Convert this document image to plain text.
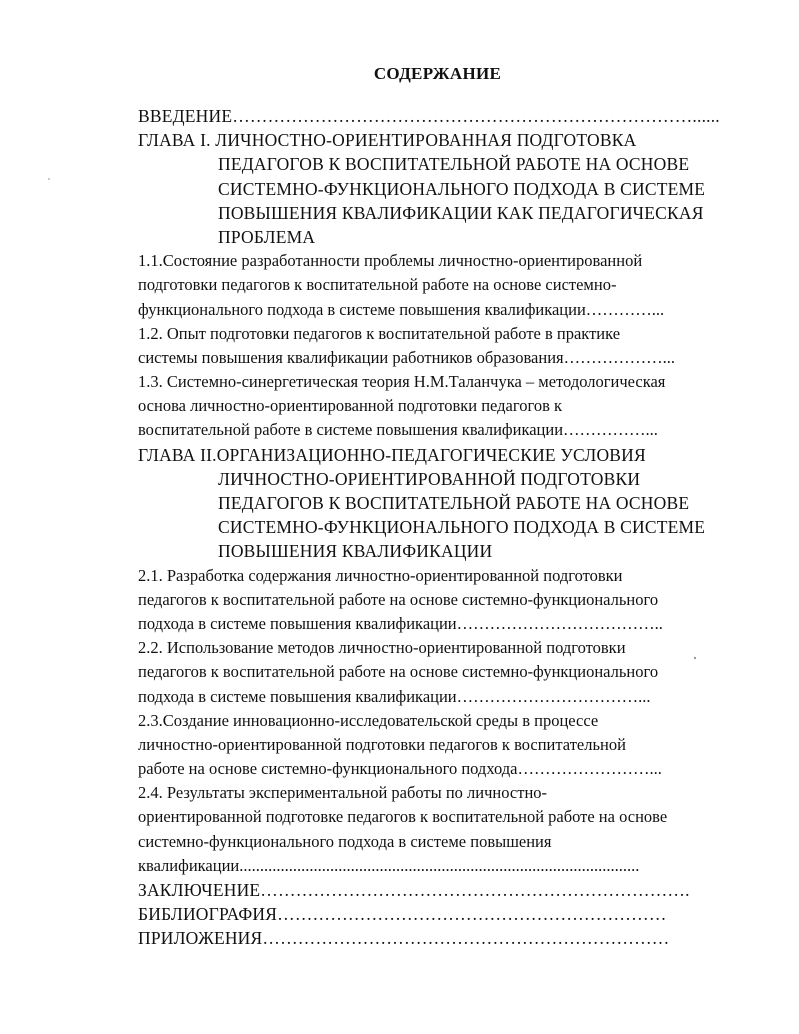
СОДЕРЖАНИЕ
ВВЕДЕНИЕ……………………………………………………………………......
ГЛАВА I. ЛИЧНОСТНО-ОРИЕНТИРОВАННАЯ ПОДГОТОВКА
ПЕДАГОГОВ К ВОСПИТАТЕЛЬНОЙ РАБОТЕ НА ОСНОВЕ
СИСТЕМНО-ФУНКЦИОНАЛЬНОГО ПОДХОДА В СИСТЕМЕ
ПОВЫШЕНИЯ КВАЛИФИКАЦИИ КАК ПЕДАГОГИЧЕСКАЯ
ПРОБЛЕМА
1.1.Состояние разработанности проблемы личностно-ориентированной
подготовки педагогов к воспитательной работе на основе системно-
функционального подхода в системе повышения квалификации…………...
1.2. Опыт подготовки педагогов к воспитательной работе в практике
системы повышения квалификации работников образования………………...
1.3. Системно-синергетическая теория Н.М.Таланчука – методологическая
основа личностно-ориентированной подготовки педагогов к
воспитательной работе в системе повышения квалификации……………...
ГЛАВА II.ОРГАНИЗАЦИОННО-ПЕДАГОГИЧЕСКИЕ УСЛОВИЯ
ЛИЧНОСТНО-ОРИЕНТИРОВАННОЙ ПОДГОТОВКИ
ПЕДАГОГОВ К ВОСПИТАТЕЛЬНОЙ РАБОТЕ НА ОСНОВЕ
СИСТЕМНО-ФУНКЦИОНАЛЬНОГО ПОДХОДА В СИСТЕМЕ
ПОВЫШЕНИЯ КВАЛИФИКАЦИИ
2.1. Разработка содержания личностно-ориентированной подготовки
педагогов к воспитательной работе на основе системно-функционального
подхода в системе повышения квалификации………………………………..
2.2. Использование методов личностно-ориентированной подготовки
педагогов к воспитательной работе на основе системно-функционального
подхода в системе повышения квалификации……………………………...
2.3.Создание инновационно-исследовательской среды в процессе
личностно-ориентированной подготовки педагогов к воспитательной
работе на основе системно-функционального подхода……………………...
2.4. Результаты экспериментальной работы по личностно-
ориентированной подготовке педагогов к воспитательной работе на основе
системно-функционального подхода в системе повышения
квалификации.................................................................................................
ЗАКЛЮЧЕНИЕ……………………………………………………………….
БИБЛИОГРАФИЯ…………………………………………………………
ПРИЛОЖЕНИЯ……………………………………………………………
